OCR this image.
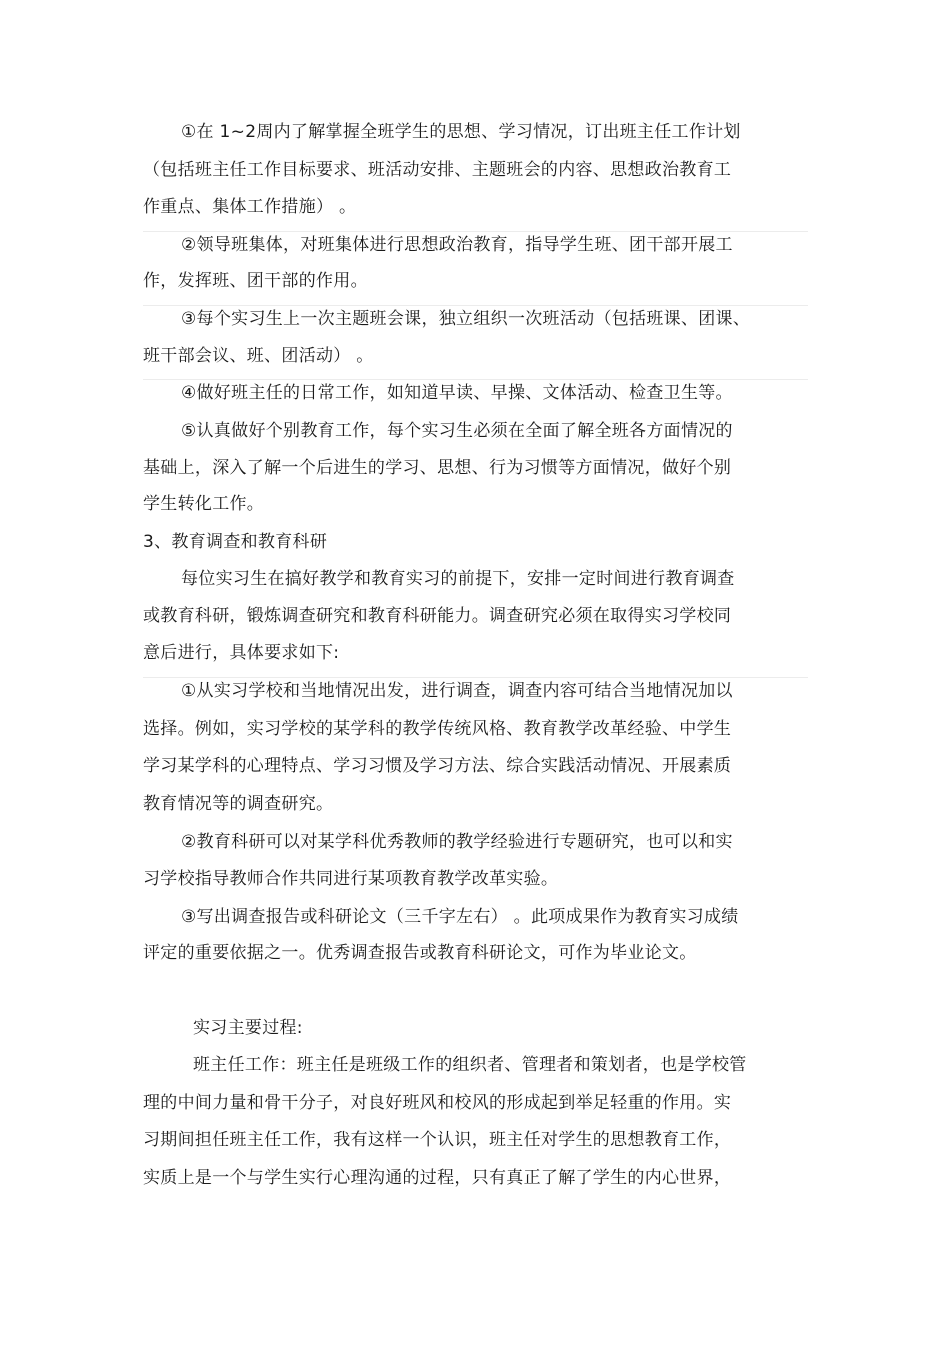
①在 1~2周内了解掌握全班学生的思想、学习情况，订出班主任工作计划
（包括班主任工作目标要求、班活动安排、主题班会的内容、思想政治教育工
作重点、集体工作措施） 。
②领导班集体，对班集体进行思想政治教育，指导学生班、团干部开展工
作，发挥班、团干部的作用。
③每个实习生上一次主题班会课，独立组织一次班活动（包括班课、团课、
班干部会议、班、团活动） 。
④做好班主任的日常工作，如知道早读、早操、文体活动、检查卫生等。
⑤认真做好个别教育工作，每个实习生必须在全面了解全班各方面情况的
基础上，深入了解一个后进生的学习、思想、行为习惯等方面情况，做好个别
学生转化工作。
3、教育调查和教育科研
每位实习生在搞好教学和教育实习的前提下，安排一定时间进行教育调查
或教育科研，锻炼调查研究和教育科研能力。调查研究必须在取得实习学校同
意后进行，具体要求如下:
①从实习学校和当地情况出发，进行调查，调查内容可结合当地情况加以
选择。例如，实习学校的某学科的教学传统风格、教育教学改革经验、中学生
学习某学科的心理特点、学习习惯及学习方法、综合实践活动情况、开展素质
教育情况等的调查研究。
②教育科研可以对某学科优秀教师的教学经验进行专题研究，也可以和实
习学校指导教师合作共同进行某项教育教学改革实验。
③写出调查报告或科研论文（三千字左右） 。此项成果作为教育实习成绩
评定的重要依据之一。优秀调查报告或教育科研论文，可作为毕业论文。
实习主要过程:
班主任工作：班主任是班级工作的组织者、管理者和策划者，也是学校管
理的中间力量和骨干分子，对良好班风和校风的形成起到举足轻重的作用。实
习期间担任班主任工作，我有这样一个认识，班主任对学生的思想教育工作，
实质上是一个与学生实行心理沟通的过程，只有真正了解了学生的内心世界，
